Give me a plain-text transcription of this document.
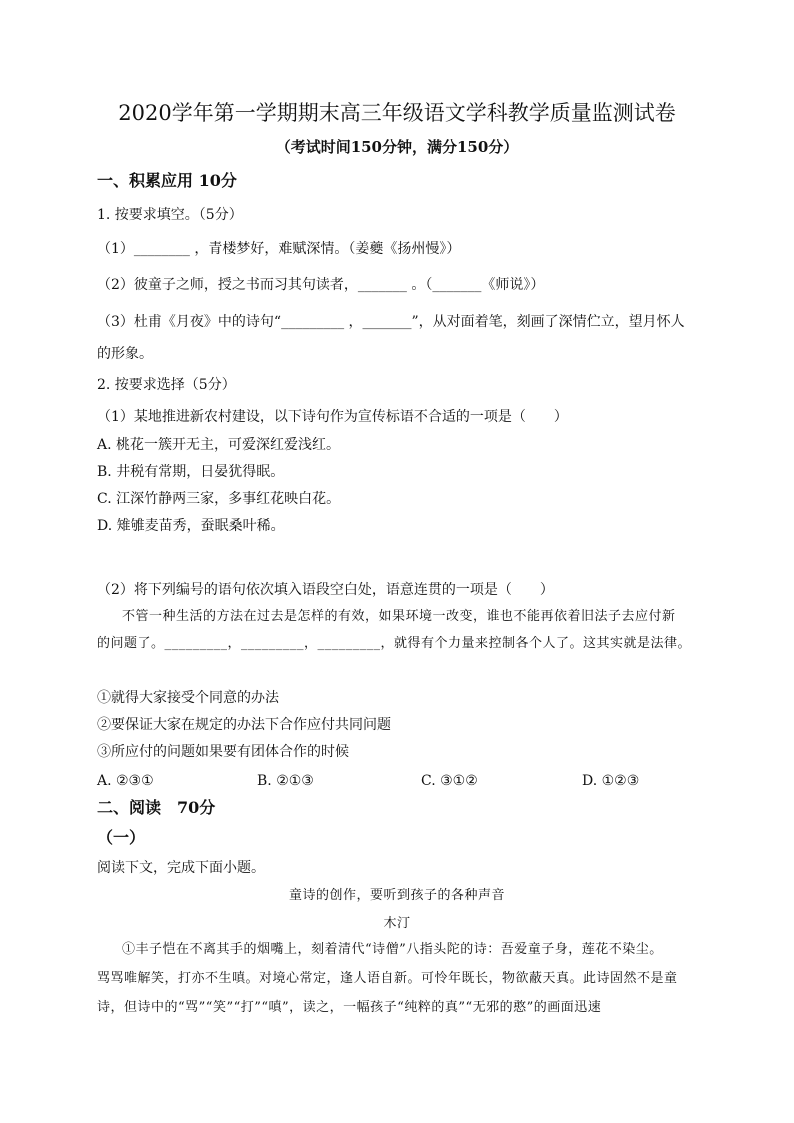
2020学年第一学期期末高三年级语文学科教学质量监测试卷
（考试时间150分钟，满分150分）
一、积累应用 10分
1. 按要求填空。（5分）
（1）________ ，青楼梦好，难赋深情。（姜夔《扬州慢》）
（2）彼童子之师，授之书而习其句读者，_______ 。（_______《师说》）
（3）杜甫《月夜》中的诗句“_________ ，_______”，从对面着笔，刻画了深情伫立，望月怀人
的形象。
2. 按要求选择（5分）
（1）某地推进新农村建设，以下诗句作为宣传标语不合适的一项是（　　）
A. 桃花一簇开无主，可爱深红爱浅红。
B. 井税有常期，日晏犹得眠。
C. 江深竹静两三家，多事红花映白花。
D. 雉雊麦苗秀，蚕眠桑叶稀。
（2）将下列编号的语句依次填入语段空白处，语意连贯的一项是（　　）
不管一种生活的方法在过去是怎样的有效，如果环境一改变，谁也不能再依着旧法子去应付新
的问题了。_________，_________，_________，就得有个力量来控制各个人了。这其实就是法律。
①就得大家接受个同意的办法
②要保证大家在规定的办法下合作应付共同问题
③所应付的问题如果要有团体合作的时候
A. ②③①	B. ②①③	C. ③①②	D. ①②③
二、阅读　70分
（一）
阅读下文，完成下面小题。
童诗的创作，要听到孩子的各种声音
木汀
①丰子恺在不离其手的烟嘴上，刻着清代“诗僧”八指头陀的诗：吾爱童子身，莲花不染尘。
骂骂唯解笑，打亦不生嗔。对境心常定，逢人语自新。可怜年既长，物欲蔽天真。此诗固然不是童
诗，但诗中的“骂”“笑”“打”“嗔”，读之，一幅孩子“纯粹的真”“无邪的憨”的画面迅速
